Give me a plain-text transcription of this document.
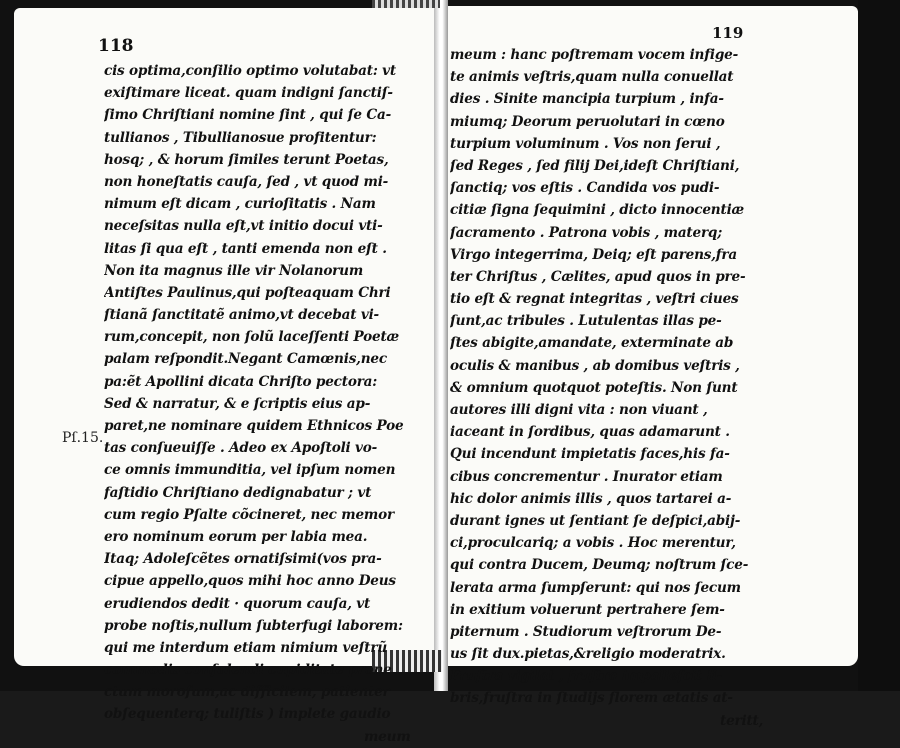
118
119
Pſ.15.
cis optima,conſilio optimo volutabat: vt
exiſtimare liceat. quam indigni ſanctiſ-
ſimo Chriſtiani nomine ſint , qui ſe Ca-
tullianos , Tibullianosue profitentur:
hosq; , & horum ſimiles terunt Poetas,
non honeſtatis cauſa, ſed , vt quod mi-
nimum eſt dicam , curioſitatis . Nam
neceſsitas nulla eſt,vt initio docui vti-
litas ſi qua eſt , tanti emenda non eſt .
Non ita magnus ille vir Nolanorum
Antiſtes Paulinus,qui poſteaquam Chri
ſtianã ſanctitatẽ animo,vt decebat vi-
rum,concepit, non ſolũ laceſſenti Poetæ
palam reſpondit.Negant Camœnis,nec
pa:ẽt Apollini dicata Chriſto pectora:
Sed & narratur, & e ſcriptis eius ap-
paret,ne nominare quidem Ethnicos Poe
tas conſueuiſſe . Adeo ex Apoſtoli vo-
ce omnis immunditia, vel ipſum nomen
faſtidio Chriſtiano dedignabatur ; vt
cum regio Pſalte cõcineret, nec memor
ero nominum eorum per labia mea.
Itaq; Adoleſcẽtes ornatiſsimi(vos pra-
cipue appello,quos mihi hoc anno Deus
erudiendos dedit · quorum cauſa, vt
probe noſtis,nullum ſubterfugi laborem:
qui me interdum etiam nimium veſtrũ
commodis conſulendi cupiditate prone
ctum moroſum,ac difficilem, patienter
obſequenterq; tuliſtis ) implete gaudio
meum
meum : hanc poſtremam vocem infige-
te animis veſtris,quam nulla conuellat
dies . Sinite mancipia turpium , infa-
miumq; Deorum peruolutari in cœno
turpium voluminum . Vos non ſerui ,
ſed Reges , ſed filij Dei,ideſt Chriſtiani,
ſanctiq; vos eſtis . Candida vos pudi-
citiæ ſigna ſequimini , dicto innocentiæ
ſacramento . Patrona vobis , materq;
Virgo integerrima, Deiq; eſt parens,fra
ter Chriſtus , Cælites, apud quos in pre-
tio eſt & regnat integritas , veſtri ciues
ſunt,ac tribules . Lutulentas illas pe-
ſtes abigite,amandate, exterminate ab
oculis & manibus , ab domibus veſtris ,
& omnium quotquot poteſtis. Non ſunt
autores illi digni vita : non viuant ,
iaceant in ſordibus, quas adamarunt .
Qui incendunt impietatis faces,his fa-
cibus concrementur . Inurator etiam
hic dolor animis illis , quos tartarei a-
durant ignes ut ſentiant ſe deſpici,abij-
ci,proculcariq; a vobis . Hoc merentur,
qui contra Ducem, Deumq; noſtrum ſce-
lerata arma ſumpſerunt: qui nos ſecum
in exitium voluerunt pertrahere ſem-
piternum . Studiorum veſtrorum De-
us ſit dux.pietas,&religio moderatrix.
Fruſtra vigilat , fruſtra impalleſcit li-
bris,fruſtra in ſtudijs florem ætatis at-
teritt,
